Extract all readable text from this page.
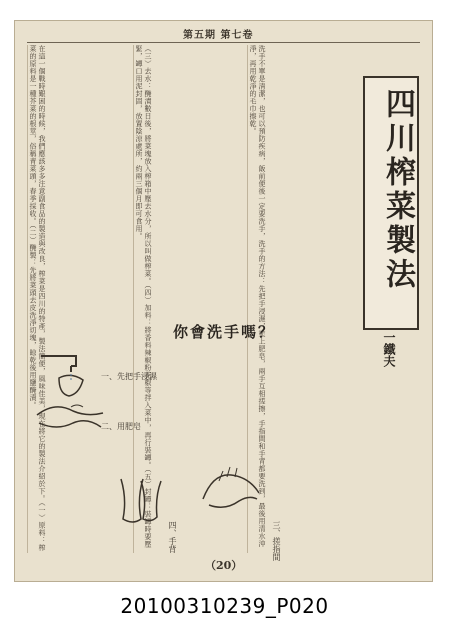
第五期 第七卷
在這一個戰時艱困的時候，我們應該多多注意副食品的製造與改良，榨菜是四川的特產，製法簡便，風味佳美，現在將它的製法介紹於下。（一）原料：榨菜的原料是一種芥菜的根莖，俗稱青菜頭，春季採收。（二）醃製：先將菜頭去皮洗淨切塊，晾乾後用鹽醃漬。	（三）去水：醃漬數日後，將菜塊放入榨箱中壓去水分，所以叫做榨菜。（四）加料：將香料辣椒粉花椒等拌入菜中，再行裝罈。（五）封罈：裝罈時要壓緊，罈口用泥封固，放置陰涼處所，約兩三個月即可食用。	洗手不單是清潔，也可以預防疾病，飯前便後一定要洗手，洗手的方法：先把手浸濕，塗上肥皂，兩手互相搓擦，手指間和手背都要洗到，最後用清水沖淨，再用乾淨的毛巾擦乾。	四川榨菜製法
一鐵夫
你會洗手嗎？
一、先把手浸濕
二、用肥皂
三、搓指間
四、手背
（20）
20100310239_P020
